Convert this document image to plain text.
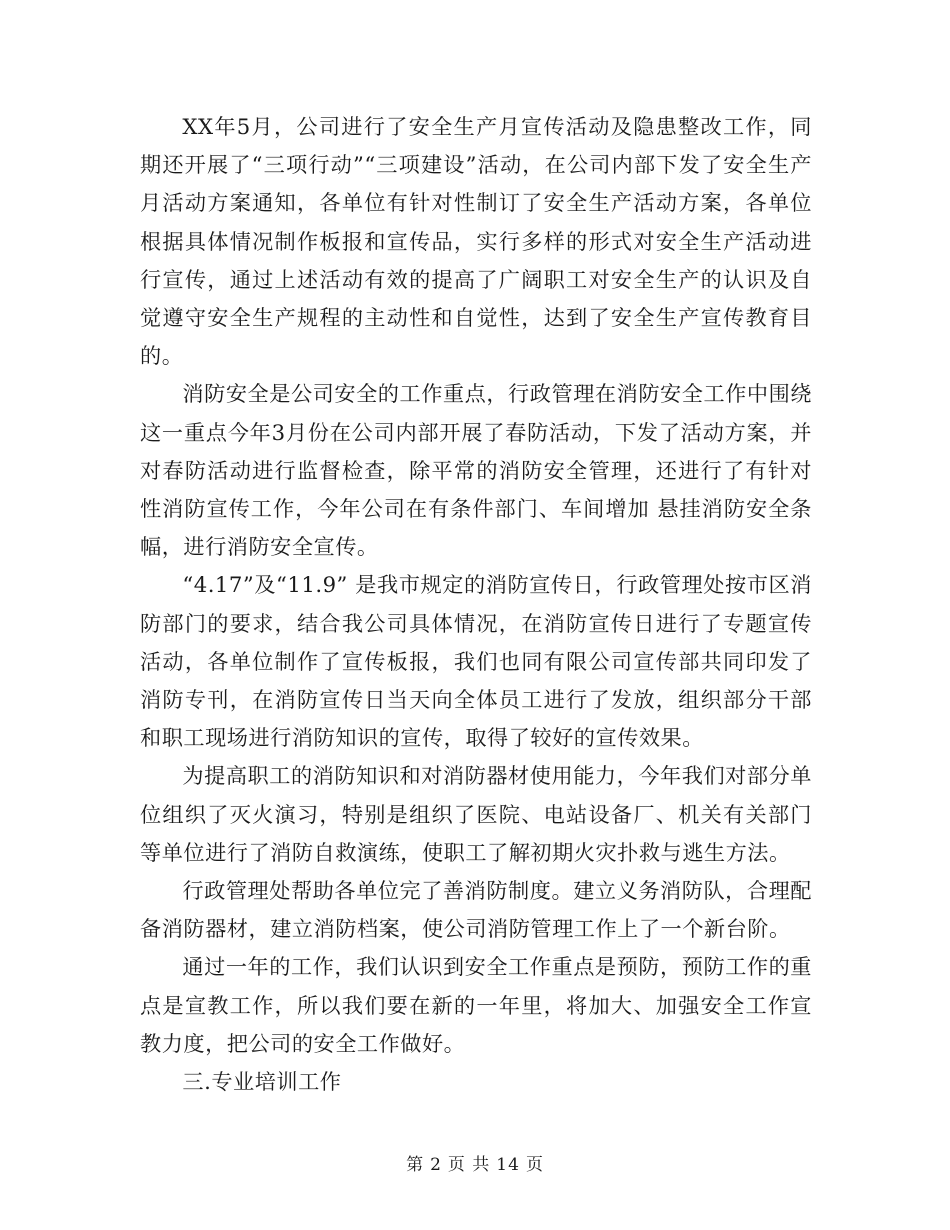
XX年5月，公司进行了安全生产月宣传活动及隐患整改工作，同期还开展了“三项行动”“三项建设”活动，在公司内部下发了安全生产月活动方案通知，各单位有针对性制订了安全生产活动方案，各单位根据具体情况制作板报和宣传品，实行多样的形式对安全生产活动进行宣传，通过上述活动有效的提高了广阔职工对安全生产的认识及自觉遵守安全生产规程的主动性和自觉性，达到了安全生产宣传教育目的。

消防安全是公司安全的工作重点，行政管理在消防安全工作中围绕这一重点今年3月份在公司内部开展了春防活动，下发了活动方案，并对春防活动进行监督检查，除平常的消防安全管理，还进行了有针对性消防宣传工作，今年公司在有条件部门、车间增加 悬挂消防安全条幅，进行消防安全宣传。

“4.17”及“11.9” 是我市规定的消防宣传日，行政管理处按市区消防部门的要求，结合我公司具体情况，在消防宣传日进行了专题宣传活动，各单位制作了宣传板报，我们也同有限公司宣传部共同印发了消防专刊，在消防宣传日当天向全体员工进行了发放，组织部分干部和职工现场进行消防知识的宣传，取得了较好的宣传效果。

为提高职工的消防知识和对消防器材使用能力，今年我们对部分单位组织了灭火演习，特别是组织了医院、电站设备厂、机关有关部门等单位进行了消防自救演练，使职工了解初期火灾扑救与逃生方法。

行政管理处帮助各单位完了善消防制度。建立义务消防队，合理配备消防器材，建立消防档案，使公司消防管理工作上了一个新台阶。

通过一年的工作，我们认识到安全工作重点是预防，预防工作的重点是宣教工作，所以我们要在新的一年里，将加大、加强安全工作宣教力度，把公司的安全工作做好。

三.专业培训工作

第 2 页 共 14 页
